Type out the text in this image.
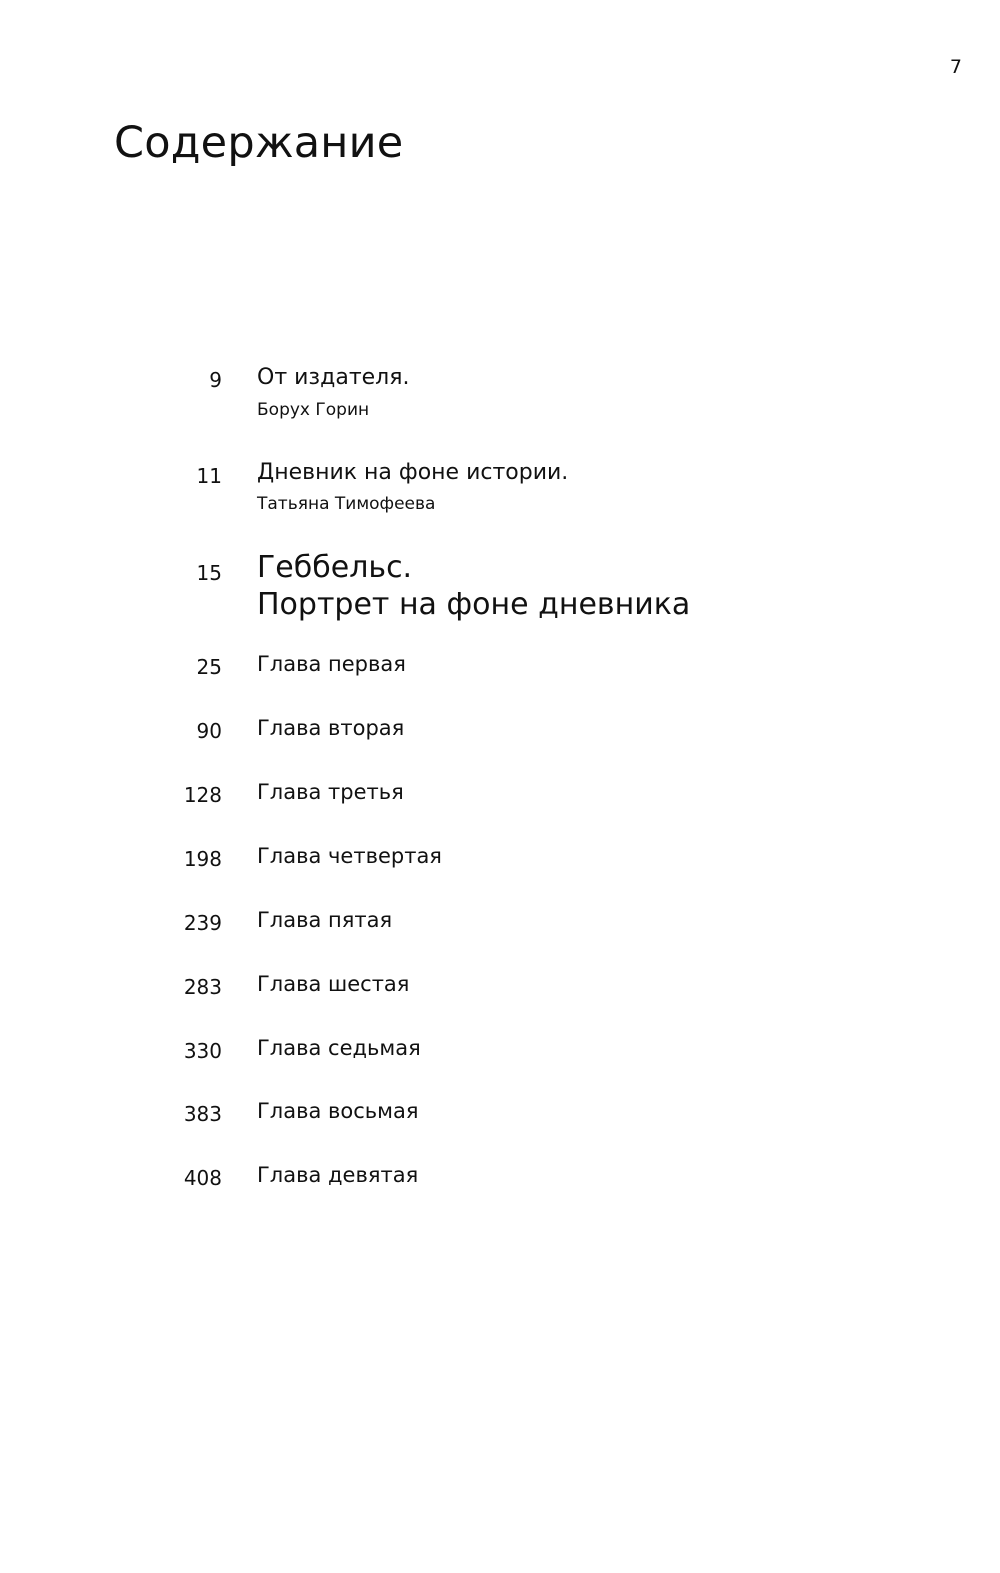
7
Содержание
9 От издателя.
Борух Горин
11 Дневник на фоне истории.
Татьяна Тимофеева
15 Геббельс.
Портрет на фоне дневника
25 Глава первая
90 Глава вторая
128 Глава третья
198 Глава четвертая
239 Глава пятая
283 Глава шестая
330 Глава седьмая
383 Глава восьмая
408 Глава девятая
